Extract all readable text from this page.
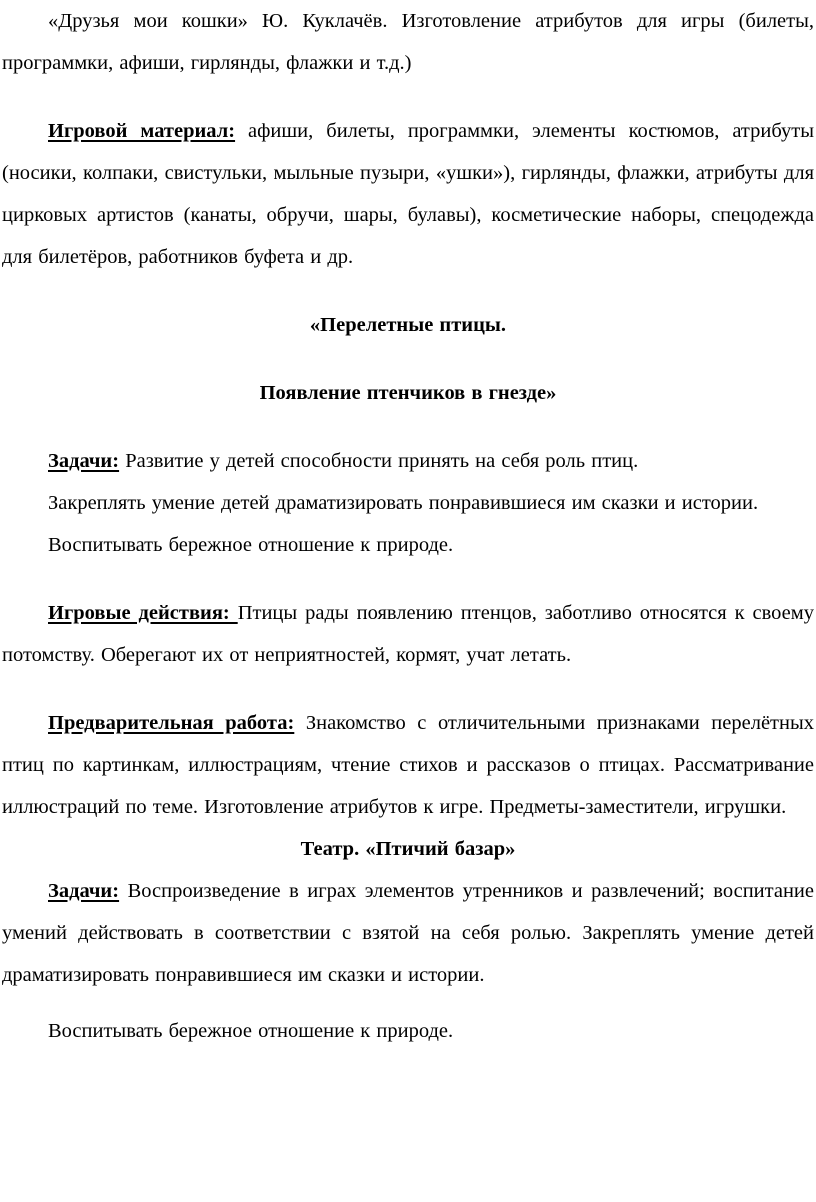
«Друзья мои кошки» Ю. Куклачёв. Изготовление атрибутов для игры (билеты, программки, афиши, гирлянды, флажки и т.д.)

Игровой материал: афиши, билеты, программки, элементы костюмов, атрибуты (носики, колпаки, свистульки, мыльные пузыри, «ушки»), гирлянды, флажки, атрибуты для цирковых артистов (канаты, обручи, шары, булавы), косметические наборы, спецодежда для билетёров, работников буфета и др.

«Перелетные птицы.

Появление птенчиков в гнезде»

Задачи: Развитие у детей способности принять на себя роль птиц.

Закреплять умение детей драматизировать понравившиеся им сказки и истории.

Воспитывать бережное отношение к природе.

Игровые действия: Птицы рады появлению птенцов, заботливо относятся к своему потомству. Оберегают их от неприятностей, кормят, учат летать.

Предварительная работа: Знакомство с отличительными признаками перелётных птиц по картинкам, иллюстрациям, чтение стихов и рассказов о птицах. Рассматривание иллюстраций по теме. Изготовление атрибутов к игре. Предметы-заместители, игрушки.

Театр. «Птичий базар»

Задачи: Воспроизведение в играх элементов утренников и развлечений; воспитание умений действовать в соответствии с взятой на себя ролью. Закреплять умение детей драматизировать понравившиеся им сказки и истории.

Воспитывать бережное отношение к природе.
